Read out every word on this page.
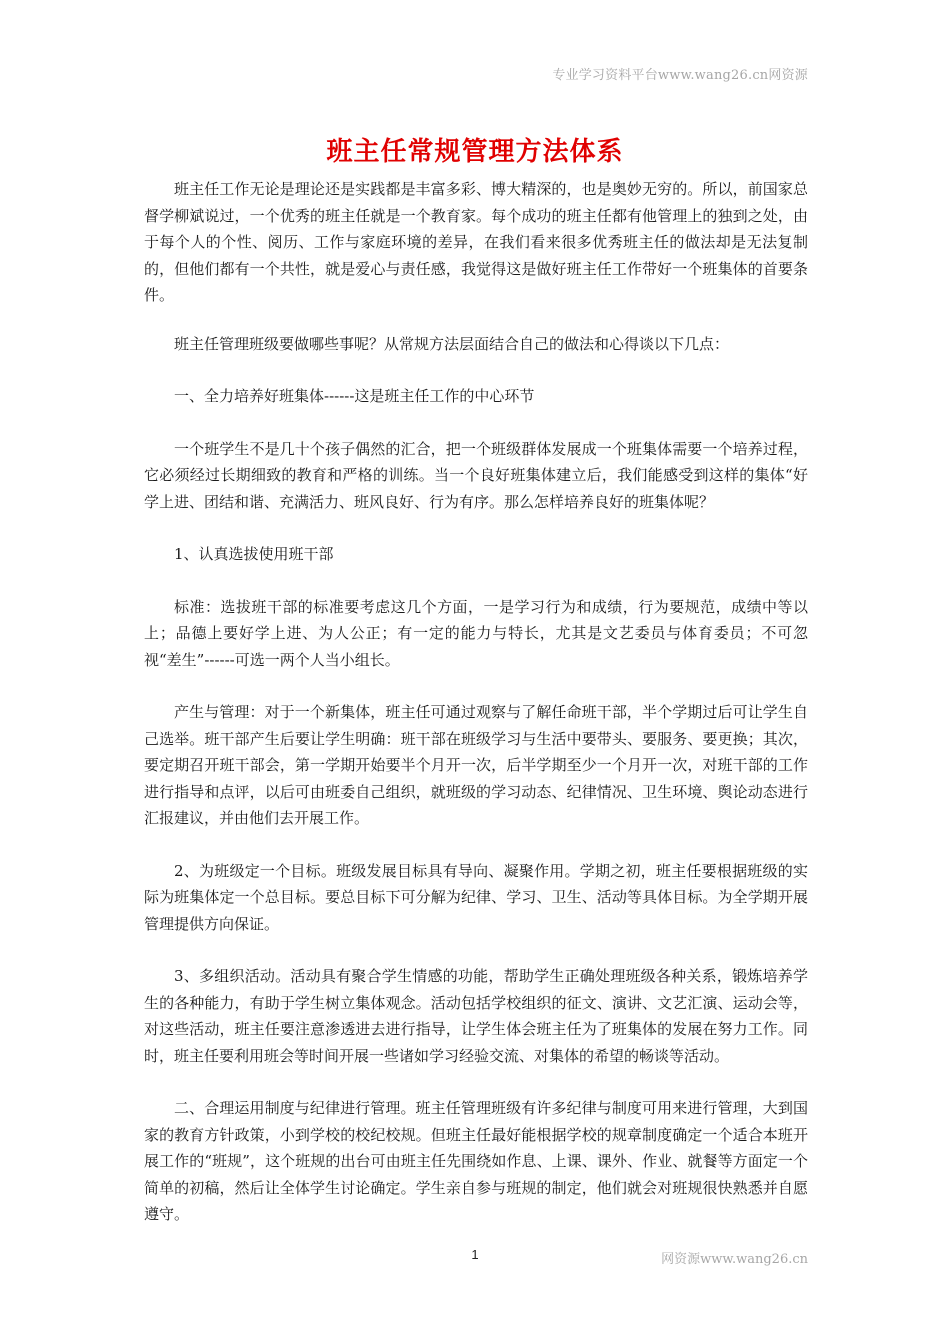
专业学习资料平台www.wang26.cn网资源
班主任常规管理方法体系

班主任工作无论是理论还是实践都是丰富多彩、博大精深的，也是奥妙无穷的。所以，前国家总督学柳斌说过，一个优秀的班主任就是一个教育家。每个成功的班主任都有他管理上的独到之处，由于每个人的个性、阅历、工作与家庭环境的差异，在我们看来很多优秀班主任的做法却是无法复制的，但他们都有一个共性，就是爱心与责任感，我觉得这是做好班主任工作带好一个班集体的首要条件。

班主任管理班级要做哪些事呢？从常规方法层面结合自己的做法和心得谈以下几点：

一、全力培养好班集体------这是班主任工作的中心环节

一个班学生不是几十个孩子偶然的汇合，把一个班级群体发展成一个班集体需要一个培养过程，它必须经过长期细致的教育和严格的训练。当一个良好班集体建立后，我们能感受到这样的集体“好学上进、团结和谐、充满活力、班风良好、行为有序。那么怎样培养良好的班集体呢？

1、认真选拔使用班干部

标准：选拔班干部的标准要考虑这几个方面，一是学习行为和成绩，行为要规范，成绩中等以上；品德上要好学上进、为人公正；有一定的能力与特长，尤其是文艺委员与体育委员；不可忽视“差生”------可选一两个人当小组长。

产生与管理：对于一个新集体，班主任可通过观察与了解任命班干部，半个学期过后可让学生自己选举。班干部产生后要让学生明确：班干部在班级学习与生活中要带头、要服务、要更换；其次，要定期召开班干部会，第一学期开始要半个月开一次，后半学期至少一个月开一次，对班干部的工作进行指导和点评，以后可由班委自己组织，就班级的学习动态、纪律情况、卫生环境、舆论动态进行汇报建议，并由他们去开展工作。

2、为班级定一个目标。班级发展目标具有导向、凝聚作用。学期之初，班主任要根据班级的实际为班集体定一个总目标。要总目标下可分解为纪律、学习、卫生、活动等具体目标。为全学期开展管理提供方向保证。

3、多组织活动。活动具有聚合学生情感的功能，帮助学生正确处理班级各种关系，锻炼培养学生的各种能力，有助于学生树立集体观念。活动包括学校组织的征文、演讲、文艺汇演、运动会等，对这些活动，班主任要注意渗透进去进行指导，让学生体会班主任为了班集体的发展在努力工作。同时，班主任要利用班会等时间开展一些诸如学习经验交流、对集体的希望的畅谈等活动。

二、合理运用制度与纪律进行管理。班主任管理班级有许多纪律与制度可用来进行管理，大到国家的教育方针政策，小到学校的校纪校规。但班主任最好能根据学校的规章制度确定一个适合本班开展工作的“班规”，这个班规的出台可由班主任先围绕如作息、上课、课外、作业、就餐等方面定一个简单的初稿，然后让全体学生讨论确定。学生亲自参与班规的制定，他们就会对班规很快熟悉并自愿遵守。

1	网资源www.wang26.cn
